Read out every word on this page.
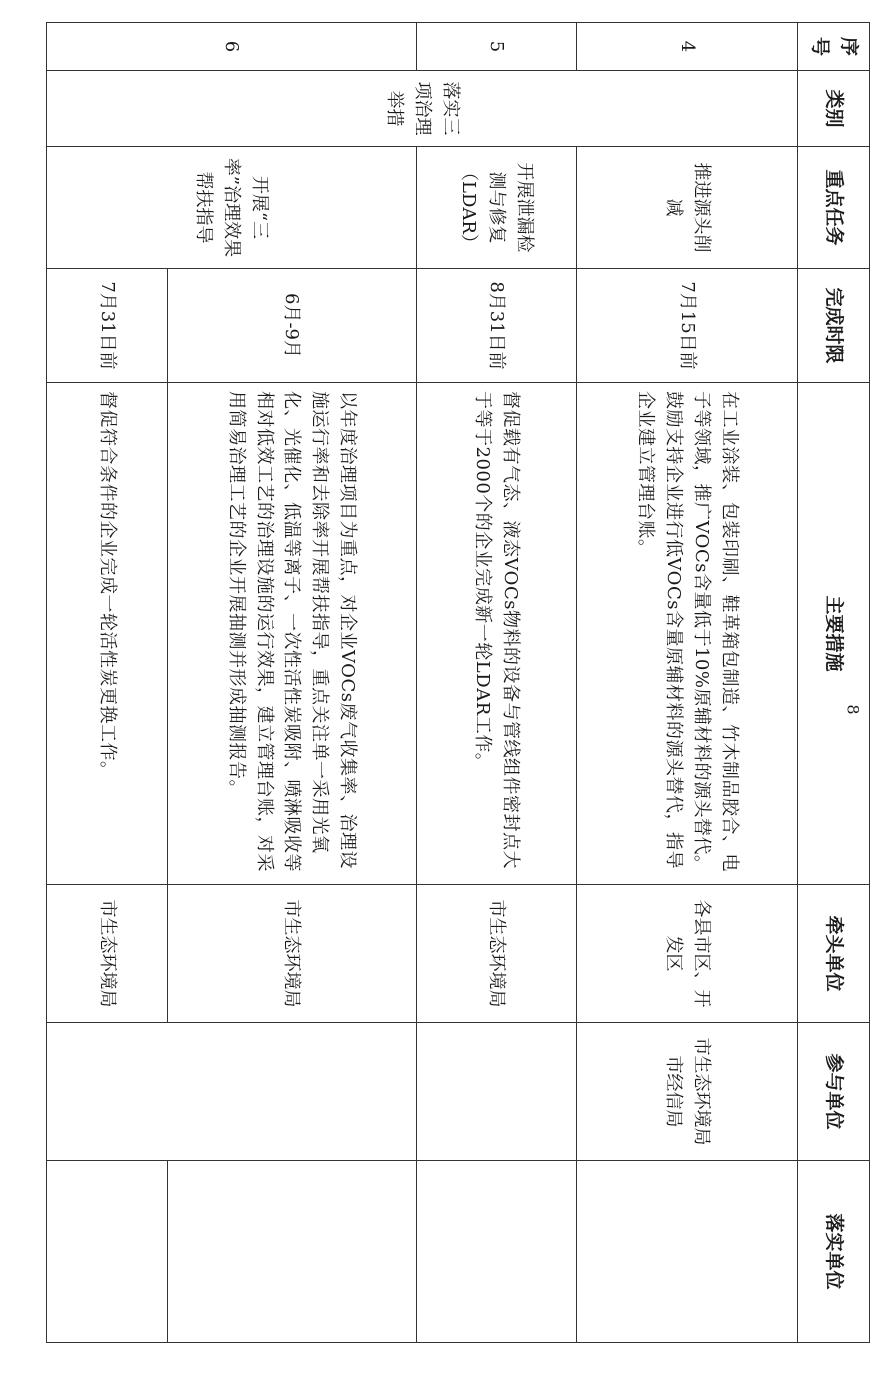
序号	类别	重点任务	完成时限	主要措施	牵头单位	参与单位	落实单位
4	落实三项治理举措	推进源头削减	7月15日前	在工业涂装、包装印刷、鞋革箱包制造、竹木制品胶合、电子等领域，推广VOCs含量低于10%原辅材料的源头替代。鼓励支持企业进行低VOCs含量原辅材料的源头替代，指导企业建立管理台账。	各县市区、开发区	市生态环境局 市经信局	
5		开展泄漏检测与修复（LDAR）	8月31日前	督促载有气态、液态VOCs物料的设备与管线组件密封点大于等于2000个的企业完成新一轮LDAR工作。	市生态环境局		
6		开展“三率”治理效果帮扶指导	6月-9月	以年度治理项目为重点，对企业VOCs废气收集率、治理设施运行率和去除率开展帮扶指导，重点关注单一采用光氧化、光催化、低温等离子、一次性活性炭吸附、喷淋吸收等相对低效工艺的治理设施的运行效果，建立管理台账，对采用简易治理工艺的企业开展抽测并形成抽测报告。	市生态环境局		
			7月31日前	督促符合条件的企业完成一轮活性炭更换工作。	市生态环境局		
8
